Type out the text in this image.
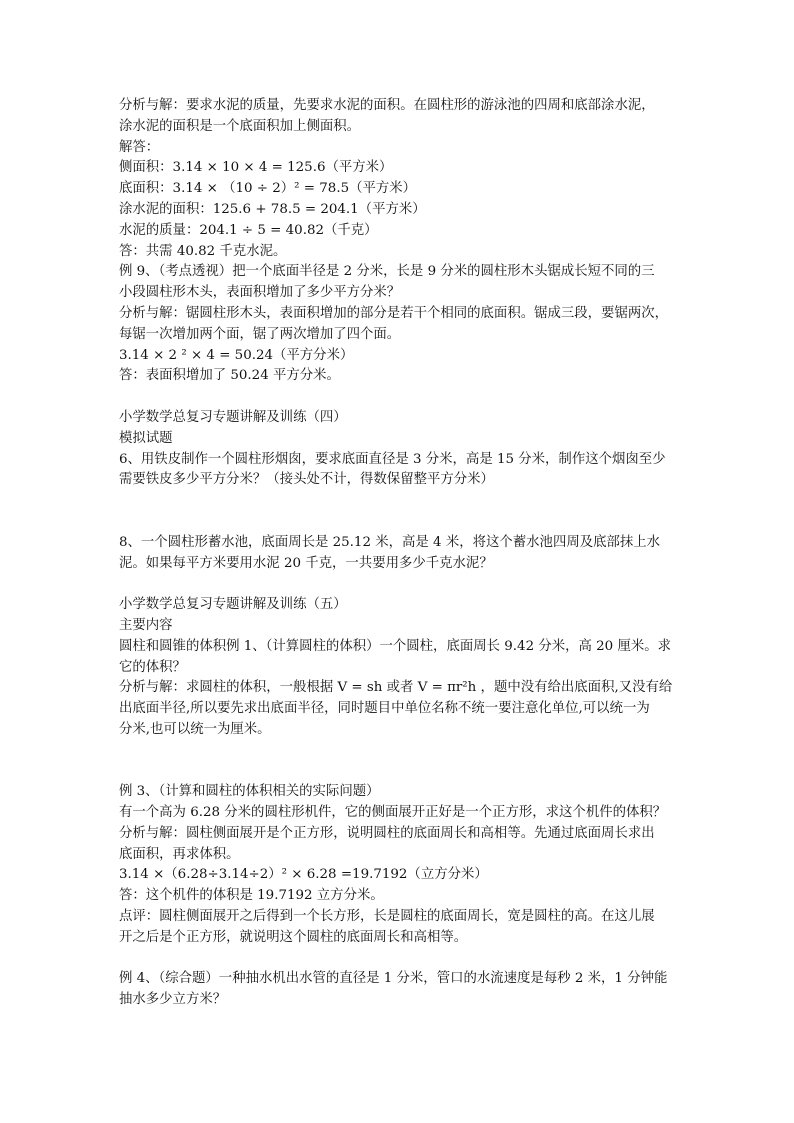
分析与解：要求水泥的质量，先要求水泥的面积。在圆柱形的游泳池的四周和底部涂水泥，
涂水泥的面积是一个底面积加上侧面积。
解答：
侧面积：3.14 × 10 × 4 = 125.6（平方米）
底面积：3.14 × （10 ÷ 2）² = 78.5（平方米）
涂水泥的面积：125.6 + 78.5 = 204.1（平方米）
水泥的质量：204.1 ÷ 5 = 40.82（千克）
答：共需 40.82 千克水泥。
例 9、（考点透视）把一个底面半径是 2 分米，长是 9 分米的圆柱形木头锯成长短不同的三
小段圆柱形木头，表面积增加了多少平方分米？
分析与解：锯圆柱形木头，表面积增加的部分是若干个相同的底面积。锯成三段，要锯两次，
每锯一次增加两个面，锯了两次增加了四个面。
3.14 × 2 ² × 4 = 50.24（平方分米）
答：表面积增加了 50.24 平方分米。
小学数学总复习专题讲解及训练（四）
模拟试题
6、用铁皮制作一个圆柱形烟囱，要求底面直径是 3 分米，高是 15 分米，制作这个烟囱至少
需要铁皮多少平方分米？（接头处不计，得数保留整平方分米）
8、一个圆柱形蓄水池，底面周长是 25.12 米，高是 4 米，将这个蓄水池四周及底部抹上水
泥。如果每平方米要用水泥 20 千克，一共要用多少千克水泥？
小学数学总复习专题讲解及训练（五）
主要内容
圆柱和圆锥的体积例 1、（计算圆柱的体积）一个圆柱，底面周长 9.42 分米，高 20 厘米。求
它的体积？
分析与解：求圆柱的体积，一般根据 V = sh 或者 V = πr²h ，题中没有给出底面积,又没有给
出底面半径,所以要先求出底面半径，同时题目中单位名称不统一要注意化单位,可以统一为
分米,也可以统一为厘米。
例 3、（计算和圆柱的体积相关的实际问题）
有一个高为 6.28 分米的圆柱形机件，它的侧面展开正好是一个正方形，求这个机件的体积？
分析与解：圆柱侧面展开是个正方形，说明圆柱的底面周长和高相等。先通过底面周长求出
底面积，再求体积。
3.14 ×（6.28÷3.14÷2）² × 6.28 =19.7192（立方分米）
答：这个机件的体积是 19.7192 立方分米。
点评：圆柱侧面展开之后得到一个长方形，长是圆柱的底面周长，宽是圆柱的高。在这儿展
开之后是个正方形，就说明这个圆柱的底面周长和高相等。
例 4、（综合题）一种抽水机出水管的直径是 1 分米，管口的水流速度是每秒 2 米，1 分钟能
抽水多少立方米？
